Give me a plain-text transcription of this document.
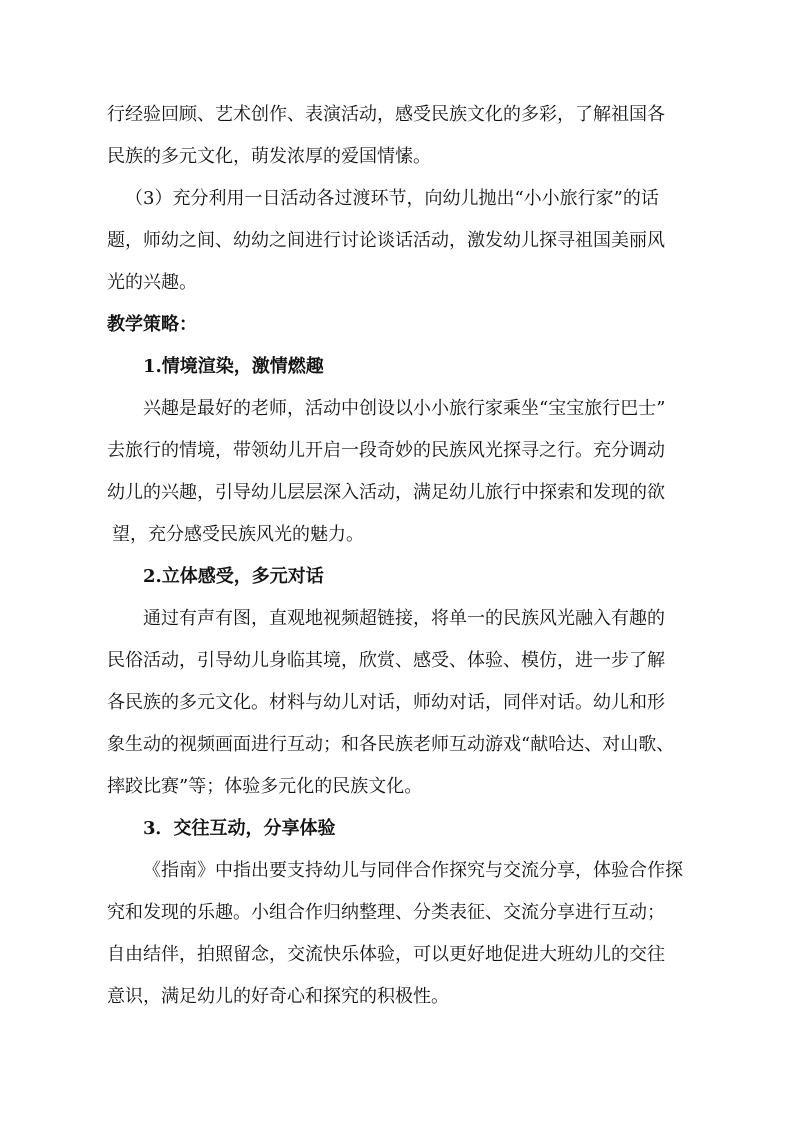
行经验回顾、艺术创作、表演活动，感受民族文化的多彩，了解祖国各
民族的多元文化，萌发浓厚的爱国情愫。
（3）充分利用一日活动各过渡环节，向幼儿抛出“小小旅行家”的话
题，师幼之间、幼幼之间进行讨论谈话活动，激发幼儿探寻祖国美丽风
光的兴趣。
教学策略：
1.情境渲染，激情燃趣
兴趣是最好的老师，活动中创设以小小旅行家乘坐“宝宝旅行巴士”
去旅行的情境，带领幼儿开启一段奇妙的民族风光探寻之行。充分调动
幼儿的兴趣，引导幼儿层层深入活动，满足幼儿旅行中探索和发现的欲
望，充分感受民族风光的魅力。
2.立体感受，多元对话
通过有声有图，直观地视频超链接，将单一的民族风光融入有趣的
民俗活动，引导幼儿身临其境，欣赏、感受、体验、模仿，进一步了解
各民族的多元文化。材料与幼儿对话，师幼对话，同伴对话。幼儿和形
象生动的视频画面进行互动；和各民族老师互动游戏“献哈达、对山歌、
摔跤比赛”等；体验多元化的民族文化。
3．交往互动，分享体验
《指南》中指出要支持幼儿与同伴合作探究与交流分享，体验合作探
究和发现的乐趣。小组合作归纳整理、分类表征、交流分享进行互动；
自由结伴，拍照留念，交流快乐体验，可以更好地促进大班幼儿的交往
意识，满足幼儿的好奇心和探究的积极性。
